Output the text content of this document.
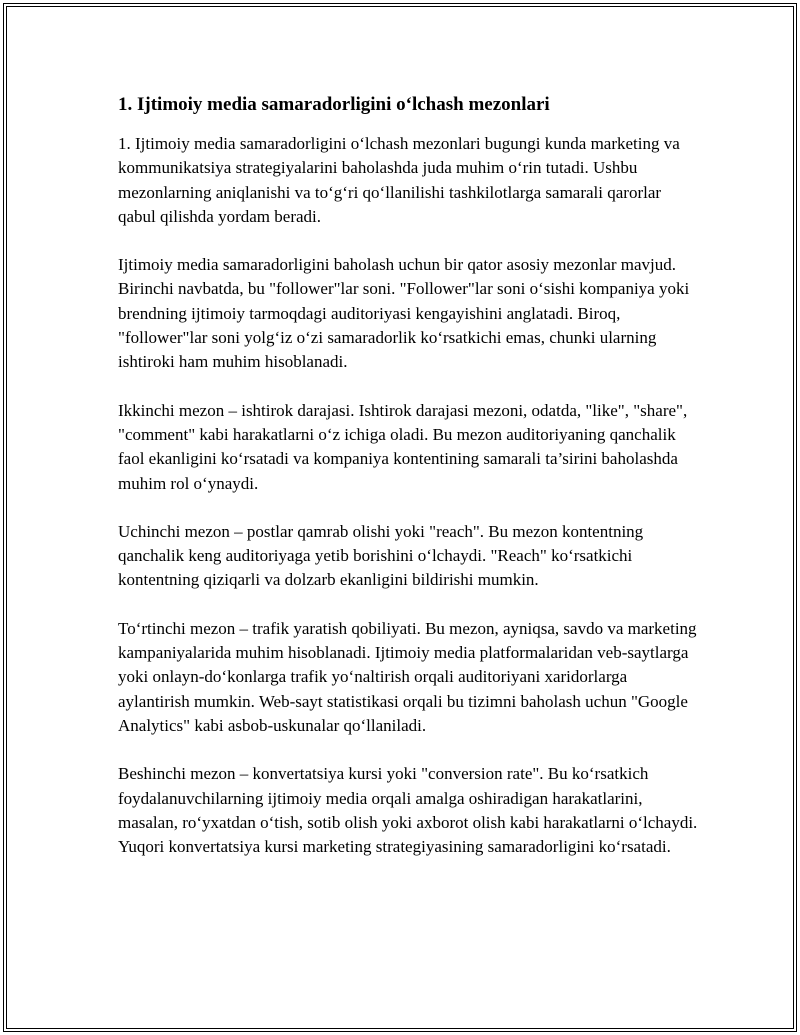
1. Ijtimoiy media samaradorligini o‘lchash mezonlari

1. Ijtimoiy media samaradorligini o‘lchash mezonlari bugungi kunda marketing va kommunikatsiya strategiyalarini baholashda juda muhim o‘rin tutadi. Ushbu mezonlarning aniqlanishi va to‘g‘ri qo‘llanilishi tashkilotlarga samarali qarorlar qabul qilishda yordam beradi.

Ijtimoiy media samaradorligini baholash uchun bir qator asosiy mezonlar mavjud. Birinchi navbatda, bu "follower"lar soni. "Follower"lar soni o‘sishi kompaniya yoki brendning ijtimoiy tarmoqdagi auditoriyasi kengayishini anglatadi. Biroq, "follower"lar soni yolg‘iz o‘zi samaradorlik ko‘rsatkichi emas, chunki ularning ishtiroki ham muhim hisoblanadi.

Ikkinchi mezon – ishtirok darajasi. Ishtirok darajasi mezoni, odatda, "like", "share", "comment" kabi harakatlarni o‘z ichiga oladi. Bu mezon auditoriyaning qanchalik faol ekanligini ko‘rsatadi va kompaniya kontentining samarali ta’sirini baholashda muhim rol o‘ynaydi.

Uchinchi mezon – postlar qamrab olishi yoki "reach". Bu mezon kontentning qanchalik keng auditoriyaga yetib borishini o‘lchaydi. "Reach" ko‘rsatkichi kontentning qiziqarli va dolzarb ekanligini bildirishi mumkin.

To‘rtinchi mezon – trafik yaratish qobiliyati. Bu mezon, ayniqsa, savdo va marketing kampaniyalarida muhim hisoblanadi. Ijtimoiy media platformalaridan veb-saytlarga yoki onlayn-do‘konlarga trafik yo‘naltirish orqali auditoriyani xaridorlarga aylantirish mumkin. Web-sayt statistikasi orqali bu tizimni baholash uchun "Google Analytics" kabi asbob-uskunalar qo‘llaniladi.

Beshinchi mezon – konvertatsiya kursi yoki "conversion rate". Bu ko‘rsatkich foydalanuvchilarning ijtimoiy media orqali amalga oshiradigan harakatlarini, masalan, ro‘yxatdan o‘tish, sotib olish yoki axborot olish kabi harakatlarni o‘lchaydi. Yuqori konvertatsiya kursi marketing strategiyasining samaradorligini ko‘rsatadi.
